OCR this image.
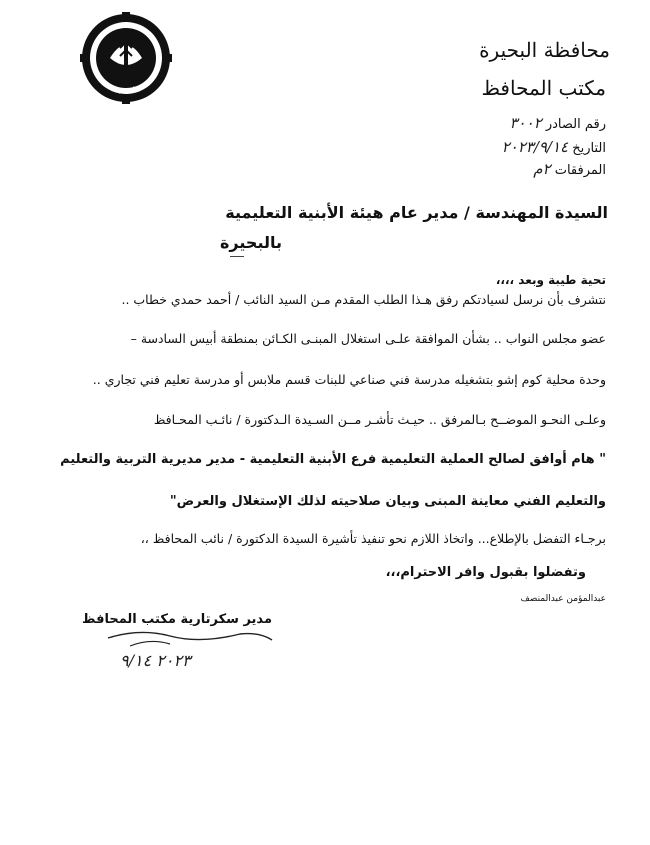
البحيرة
محافظة البحيرة
مكتب المحافظ
رقم الصادر ٣٠٠٢
التاريخ ٢٠٢٣/٩/١٤
المرفقات ٢م
السيدة المهندسة / مدير عام هيئة الأبنية التعليمية
بالبحيرة
تحية طيبة وبعد ،،،،
نتشرف بأن نرسل لسيادتكم رفق هـذا الطلب المقدم مـن السيد النائب / أحمد حمدي خطاب ..
عضو مجلس النواب .. بشأن الموافقة علـى استغلال المبنـى الكـائن بمنطقة أبيس السادسة –
وحدة محلية كوم إشو بتشغيله مدرسة فني صناعي للبنات قسم ملابس أو مدرسة تعليم فني تجاري ..
وعلـى النحـو الموضــح بـالمرفق .. حيـث تأشـر مــن السـيدة الـدكتورة / نائـب المحـافظ
" هام أوافق لصالح العملية التعليمية فرع الأبنية التعليمية - مدير مديرية التربية والتعليم
والتعليم الفني معاينة المبنى وبيان صلاحيته لذلك الإستغلال والعرض"
برجـاء التفضل بالإطلاع... واتخاذ اللازم نحو تنفيذ تأشيرة السيدة الدكتورة / نائب المحافظ ،،
وتفضلوا بقبول وافر الاحترام،،،
عبدالمؤمن عبدالمنصف
مدير سكرتارية مكتب المحافظ
٢٠٢٣ ٩/١٤
